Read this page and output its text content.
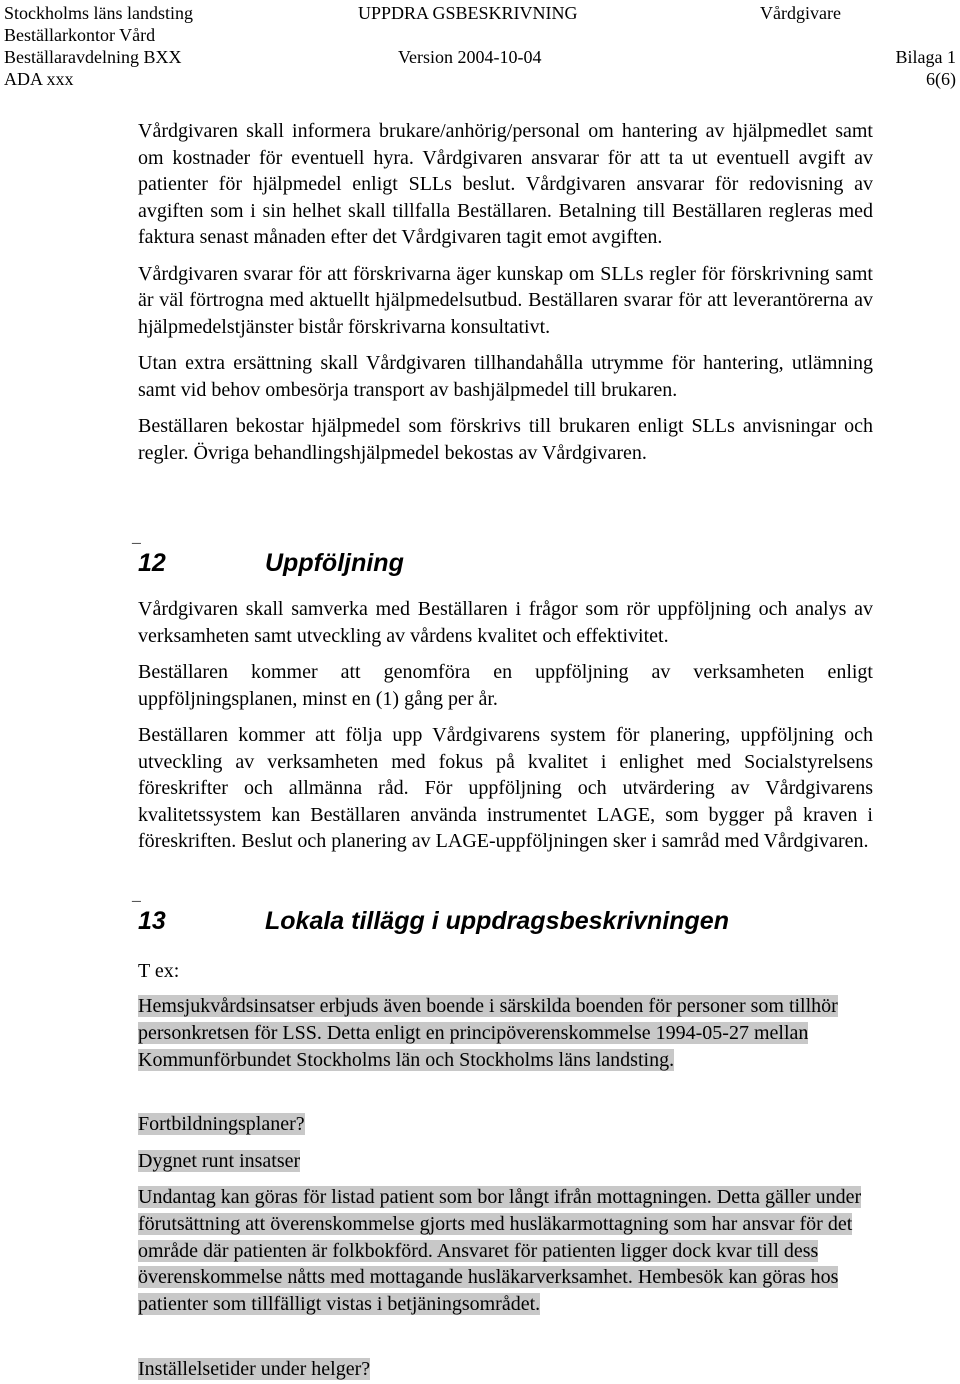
Stockholms läns landsting
Beställarkontor Vård
Beställaravdelning BXX
ADA xxx
UPPDRA GSBESKRIVNING
Version 2004-10-04
Vårdgivare
Bilaga 1
6(6)

Vårdgivaren skall informera brukare/anhörig/personal om hantering av hjälpmedlet samt om kostnader för eventuell hyra. Vårdgivaren ansvarar för att ta ut eventuell avgift av patienter för hjälpmedel enligt SLLs beslut. Vårdgivaren ansvarar för redovisning av avgiften som i sin helhet skall tillfalla Beställaren. Betalning till Beställaren regleras med faktura senast månaden efter det Vårdgivaren tagit emot avgiften.

Vårdgivaren svarar för att förskrivarna äger kunskap om SLLs regler för förskrivning samt är väl förtrogna med aktuellt hjälpmedelsutbud. Beställaren svarar för att leverantörerna av hjälpmedelstjänster bistår förskrivarna konsultativt.

Utan extra ersättning skall Vårdgivaren tillhandahålla utrymme för hantering, utlämning samt vid behov ombesörja transport av bashjälpmedel till brukaren.

Beställaren bekostar hjälpmedel som förskrivs till brukaren enligt SLLs anvisningar och regler. Övriga behandlingshjälpmedel bekostas av Vårdgivaren.

¯
12	Uppföljning

Vårdgivaren skall samverka med Beställaren i frågor som rör uppföljning och analys av verksamheten samt utveckling av vårdens kvalitet och effektivitet.

Beställaren kommer att genomföra en uppföljning av verksamheten enligt uppföljningsplanen, minst en (1) gång per år.

Beställaren kommer att följa upp Vårdgivarens system för planering, uppföljning och utveckling av verksamheten med fokus på kvalitet i enlighet med Socialstyrelsens föreskrifter och allmänna råd. För uppföljning och utvärdering av Vårdgivarens kvalitetssystem kan Beställaren använda instrumentet LAGE, som bygger på kraven i föreskriften. Beslut och planering av LAGE-uppföljningen sker i samråd med Vårdgivaren.

¯
13	Lokala tillägg i uppdragsbeskrivningen
T ex:
Hemsjukvårdsinsatser erbjuds även boende i särskilda boenden för personer som tillhör personkretsen för LSS. Detta enligt en principöverenskommelse 1994-05-27 mellan Kommunförbundet Stockholms län och Stockholms läns landsting.
Fortbildningsplaner?
Dygnet runt insatser
Undantag kan göras för listad patient som bor långt ifrån mottagningen. Detta gäller under förutsättning att överenskommelse gjorts med husläkarmottagning som har ansvar för det område där patienten är folkbokförd. Ansvaret för patienten ligger dock kvar till dess överenskommelse nåtts med mottagande husläkarverksamhet. Hembesök kan göras hos patienter som tillfälligt vistas i betjäningsområdet.
Inställelsetider under helger?
